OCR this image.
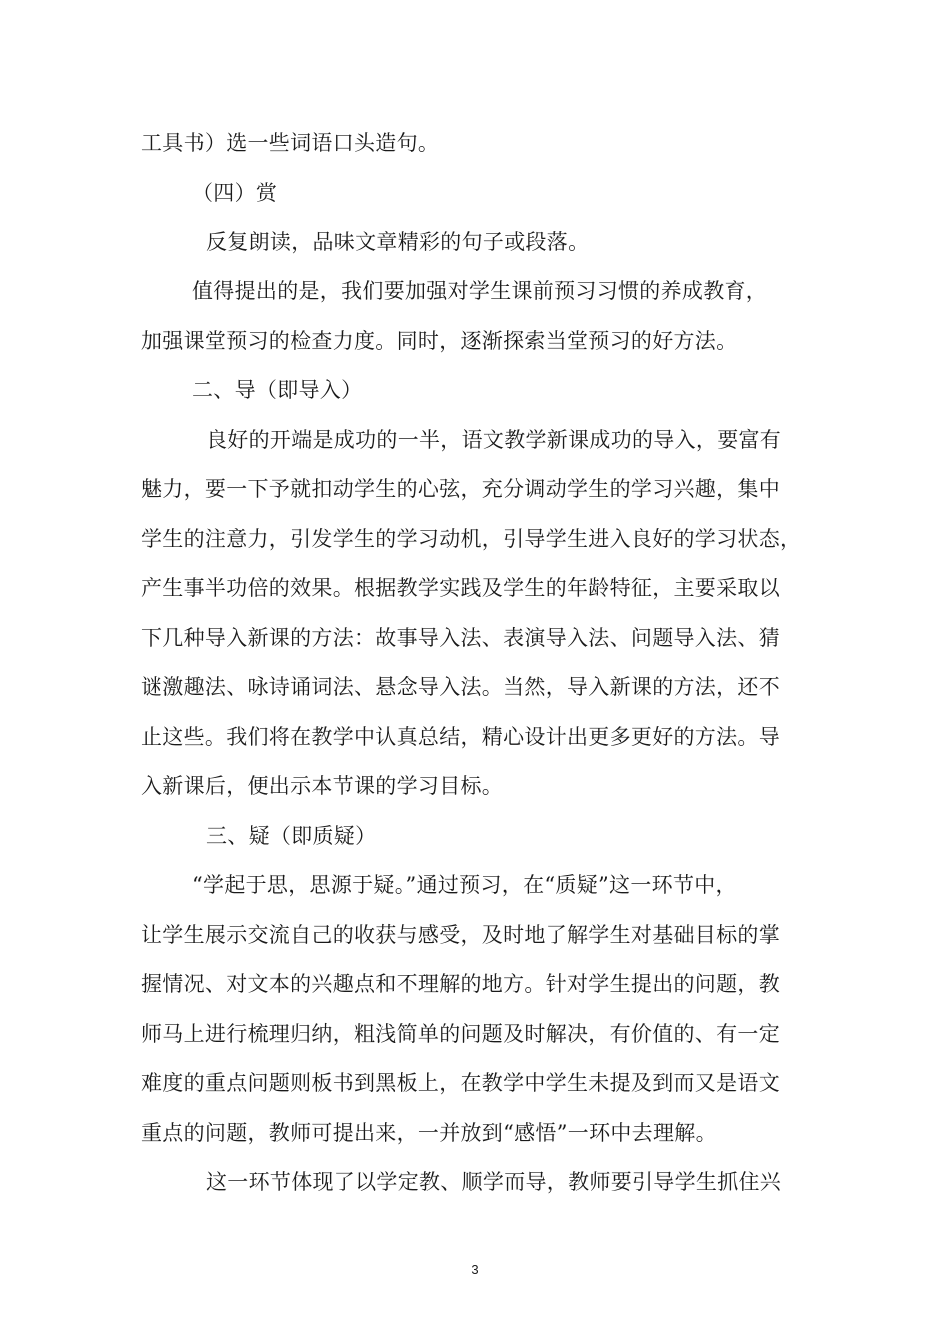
工具书）选一些词语口头造句。
（四）赏
反复朗读，品味文章精彩的句子或段落。
值得提出的是，我们要加强对学生课前预习习惯的养成教育，
加强课堂预习的检查力度。同时，逐渐探索当堂预习的好方法。
二、导（即导入）
良好的开端是成功的一半，语文教学新课成功的导入，要富有
魅力，要一下予就扣动学生的心弦，充分调动学生的学习兴趣，集中
学生的注意力，引发学生的学习动机，引导学生进入良好的学习状态，
产生事半功倍的效果。根据教学实践及学生的年龄特征，主要采取以
下几种导入新课的方法：故事导入法、表演导入法、问题导入法、猜
谜激趣法、咏诗诵词法、悬念导入法。当然，导入新课的方法，还不
止这些。我们将在教学中认真总结，精心设计出更多更好的方法。导
入新课后，便出示本节课的学习目标。
三、疑（即质疑）
“学起于思，思源于疑。”通过预习，在“质疑”这一环节中，
让学生展示交流自己的收获与感受，及时地了解学生对基础目标的掌
握情况、对文本的兴趣点和不理解的地方。针对学生提出的问题，教
师马上进行梳理归纳，粗浅简单的问题及时解决，有价值的、有一定
难度的重点问题则板书到黑板上，在教学中学生未提及到而又是语文
重点的问题，教师可提出来，一并放到“感悟”一环中去理解。
这一环节体现了以学定教、顺学而导，教师要引导学生抓住兴
3
